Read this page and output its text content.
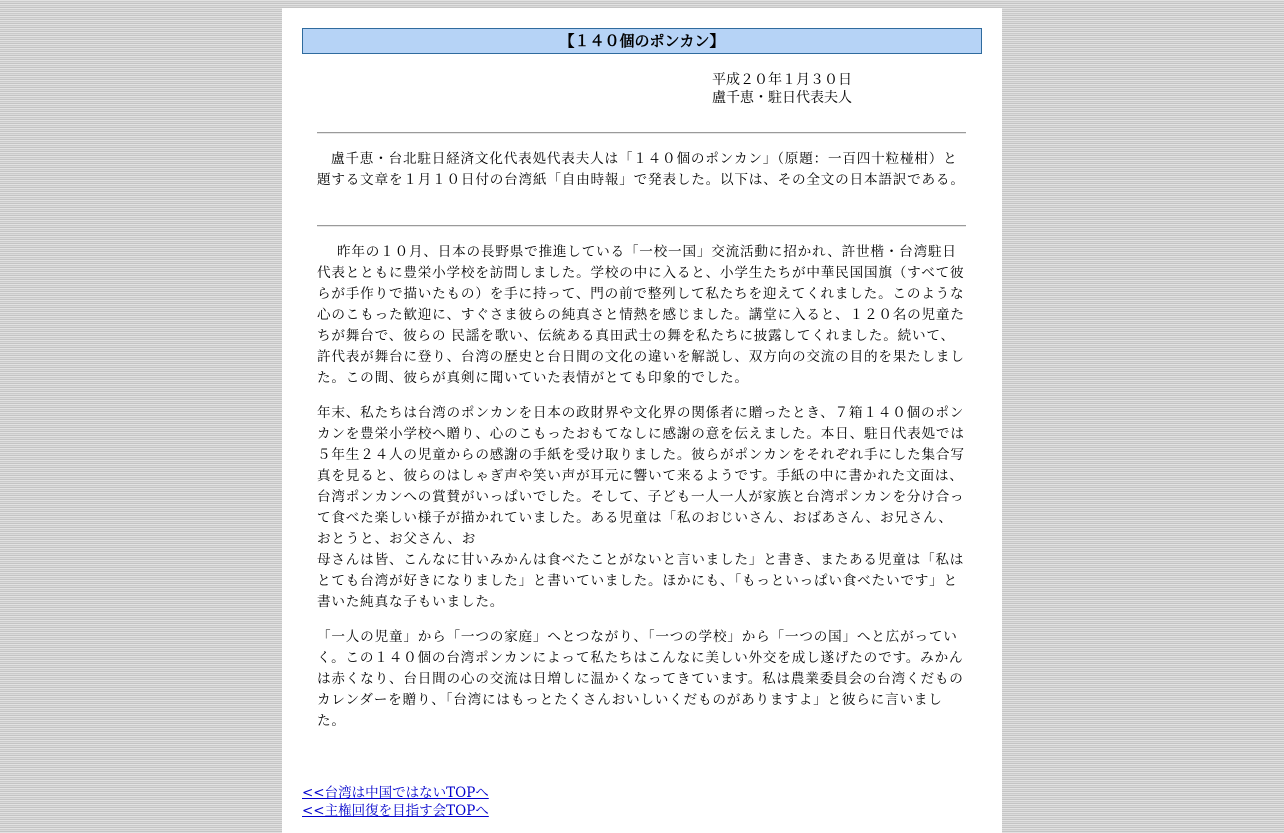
【１４０個のポンカン】
平成２０年１月３０日
盧千恵・駐日代表夫人
盧千恵・台北駐日経済文化代表処代表夫人は「１４０個のポンカン」（原題：一百四十粒椪柑）と題する文章を１月１０日付の台湾紙「自由時報」で発表した。以下は、その全文の日本語訳である。

昨年の１０月、日本の長野県で推進している「一校一国」交流活動に招かれ、許世楷・台湾駐日代表とともに豊栄小学校を訪問しました。学校の中に入ると、小学生たちが中華民国国旗（すべて彼らが手作りで描いたもの）を手に持って、門の前で整列して私たちを迎えてくれました。このような心のこもった歓迎に、すぐさま彼らの純真さと情熱を感じました。講堂に入ると、１２０名の児童たちが舞台で、彼らの 民謡を歌い、伝統ある真田武士の舞を私たちに披露してくれました。続いて、許代表が舞台に登り、台湾の歴史と台日間の文化の違いを解説し、双方向の交流の目的を果たしました。この間、彼らが真剣に聞いていた表情がとても印象的でした。

年末、私たちは台湾のポンカンを日本の政財界や文化界の関係者に贈ったとき、７箱１４０個のポンカンを豊栄小学校へ贈り、心のこもったおもてなしに感謝の意を伝えました。本日、駐日代表処では５年生２４人の児童からの感謝の手紙を受け取りました。彼らがポンカンをそれぞれ手にした集合写真を見ると、彼らのはしゃぎ声や笑い声が耳元に響いて来るようです。手紙の中に書かれた文面は、台湾ポンカンへの賞賛がいっぱいでした。そして、子ども一人一人が家族と台湾ポンカンを分け合って食べた楽しい様子が描かれていました。ある児童は「私のおじいさん、おばあさん、お兄さん、おとうと、お父さん、お

母さんは皆、こんなに甘いみかんは食べたことがないと言いました」と書き、またある児童は「私はとても台湾が好きになりました」と書いていました。ほかにも、「もっといっぱい食べたいです」と書いた純真な子もいました。

「一人の児童」から「一つの家庭」へとつながり、「一つの学校」から「一つの国」へと広がっていく。この１４０個の台湾ポンカンによって私たちはこんなに美しい外交を成し遂げたのです。みかんは赤くなり、台日間の心の交流は日増しに温かくなってきています。私は農業委員会の台湾くだものカレンダーを贈り、「台湾にはもっとたくさんおいしいくだものがありますよ」と彼らに言いました。

<<台湾は中国ではないTOPへ
<<主権回復を目指す会TOPへ
